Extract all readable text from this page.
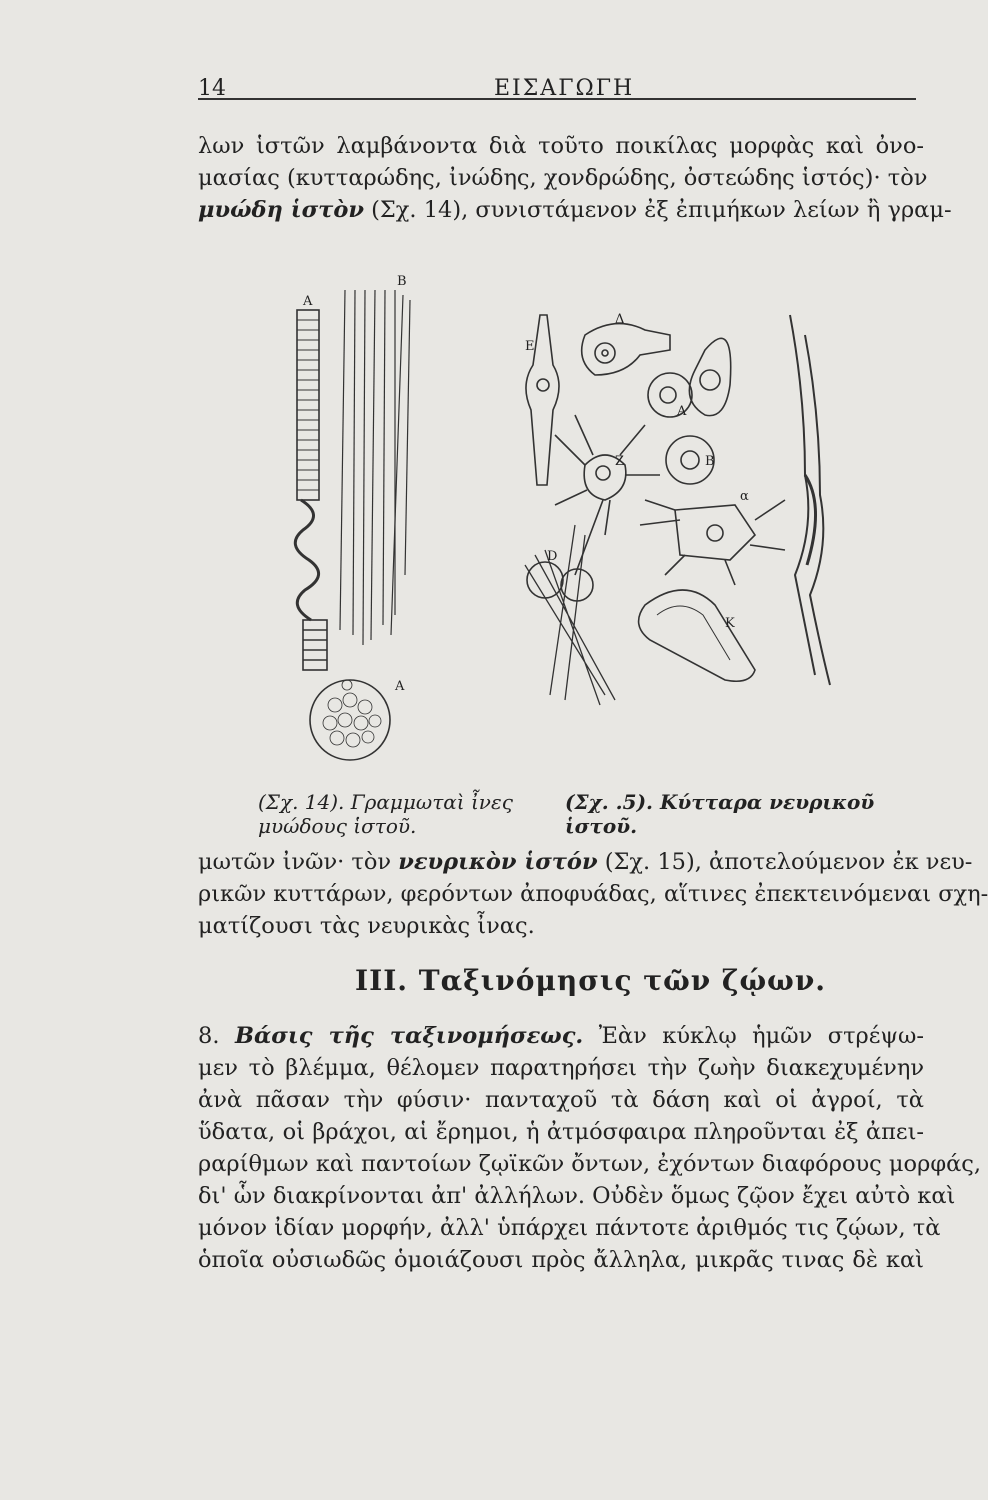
14	ΕΙΣΑΓΩΓΗ
λων ἱστῶν λαμβάνοντα διὰ τοῦτο ποικίλας μορφὰς καὶ ὀνο-
μασίας (κυτταρώδης, ἰνώδης, χονδρώδης, ὀστεώδης ἱστός)· τὸν
μυώδη ἱστὸν (Σχ. 14), συνιστάμενον ἐξ ἐπιμήκων λείων ἢ γραμ-
Α
Β
Α
Δ
Ε
Α
Ζ	Β
α
D
Κ
(Σχ. 14). Γραμμωταὶ ἶνες
μυώδους ἱστοῦ.
(Σχ. .5). Κύτταρα νευρικοῦ ἱστοῦ.
μωτῶν ἰνῶν· τὸν νευρικὸν ἱστόν (Σχ. 15), ἀποτελούμενον ἐκ νευ-
ρικῶν κυττάρων, φερόντων ἀποφυάδας, αἵτινες ἐπεκτεινόμεναι σχη-
ματίζουσι τὰς νευρικὰς ἶνας.
ΙΙΙ. Ταξινόμησις τῶν ζῴων.
8. Βάσις τῆς ταξινομήσεως. Ἐὰν κύκλῳ ἡμῶν στρέψω-
μεν τὸ βλέμμα, θέλομεν παρατηρήσει τὴν ζωὴν διακεχυμένην
ἀνὰ πᾶσαν τὴν φύσιν· πανταχοῦ τὰ δάση καὶ οἱ ἀγροί, τὰ
ὕδατα, οἱ βράχοι, αἱ ἔρημοι, ἡ ἀτμόσφαιρα πληροῦνται ἐξ ἀπει-
ραρίθμων καὶ παντοίων ζῳϊκῶν ὄντων, ἐχόντων διαφόρους μορφάς,
δι' ὧν διακρίνονται ἀπ' ἀλλήλων. Οὐδὲν ὅμως ζῷον ἔχει αὐτὸ καὶ
μόνον ἰδίαν μορφήν, ἀλλ' ὑπάρχει πάντοτε ἀριθμός τις ζῴων, τὰ
ὁποῖα οὐσιωδῶς ὁμοιάζουσι πρὸς ἄλληλα, μικρᾶς τινας δὲ καὶ
